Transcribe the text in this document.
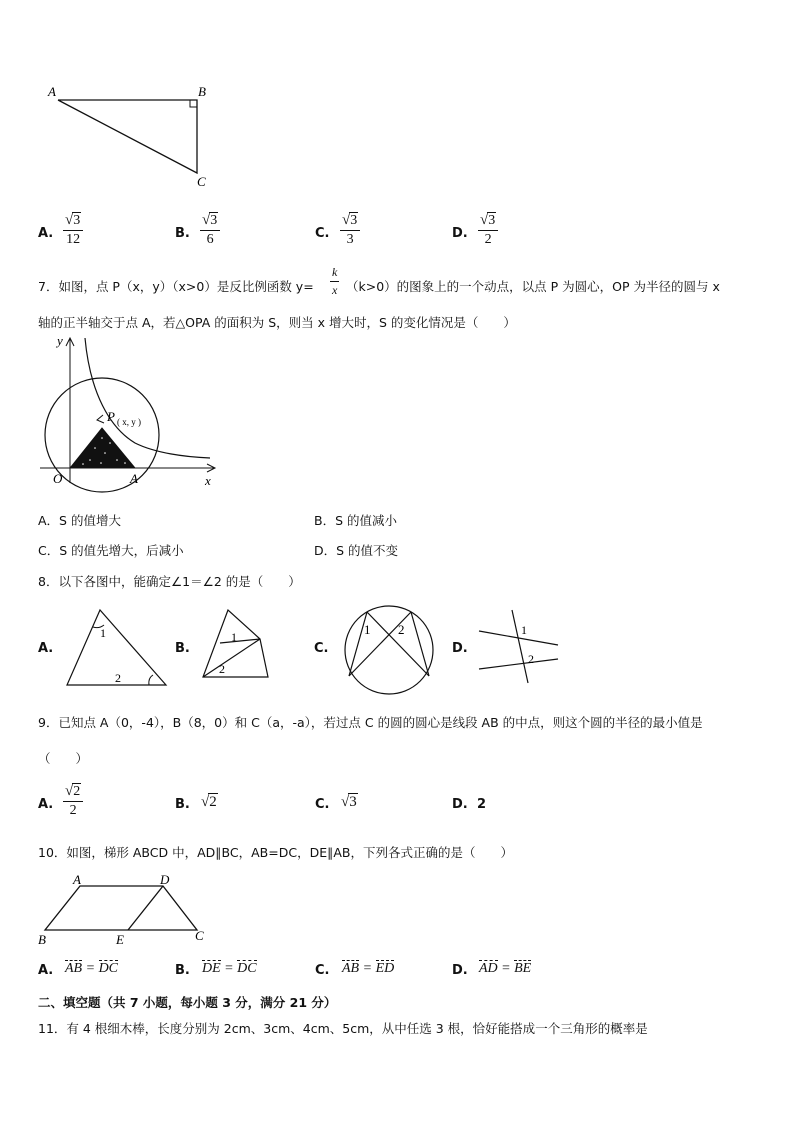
A	B
C
A. $\frac{√3}{12}$	B. $\frac{√3}{6}$	C. $\frac{√3}{3}$	D. $\frac{√3}{2}$
7．如图，点 P（x，y）（x>0）是反比例函数 $y= \frac{k}{x} (k>0)$的图象上的一个动点，以点 P 为圆心，OP 为半径的圆与 x
轴的正半轴交于点 A，若△OPA 的面积为 S，则当 x 增大时，S 的变化情况是（　　）
y
x
O	A
P ( x, y )
A．S 的值增大	B．S 的值减小
C．S 的值先增大，后减小	D．S 的值不变
8．以下各图中，能确定∠1＝∠2 的是（　　）
A.
1
2
B.
1
2
C.
1 2
D.
1
2
9．已知点 A（0，-4），B（8，0）和 C（a，-a），若过点 C 的圆的圆心是线段 AB 的中点，则这个圆的半径的最小值是
（　　）
A. $\frac{√2}{2}$	B. √2	C. √3	D. 2
10．如图，梯形 ABCD 中，AD∥BC，AB=DC，DE∥AB，下列各式正确的是（　　）
A	D
B	E	C
A. AB = DC	B. DE = DC	C. AB = ED	D. AD = BE
二、填空题（共 7 小题，每小题 3 分，满分 21 分）
11．有 4 根细木棒，长度分别为 2cm、3cm、4cm、5cm，从中任选 3 根，恰好能搭成一个三角形的概率是
